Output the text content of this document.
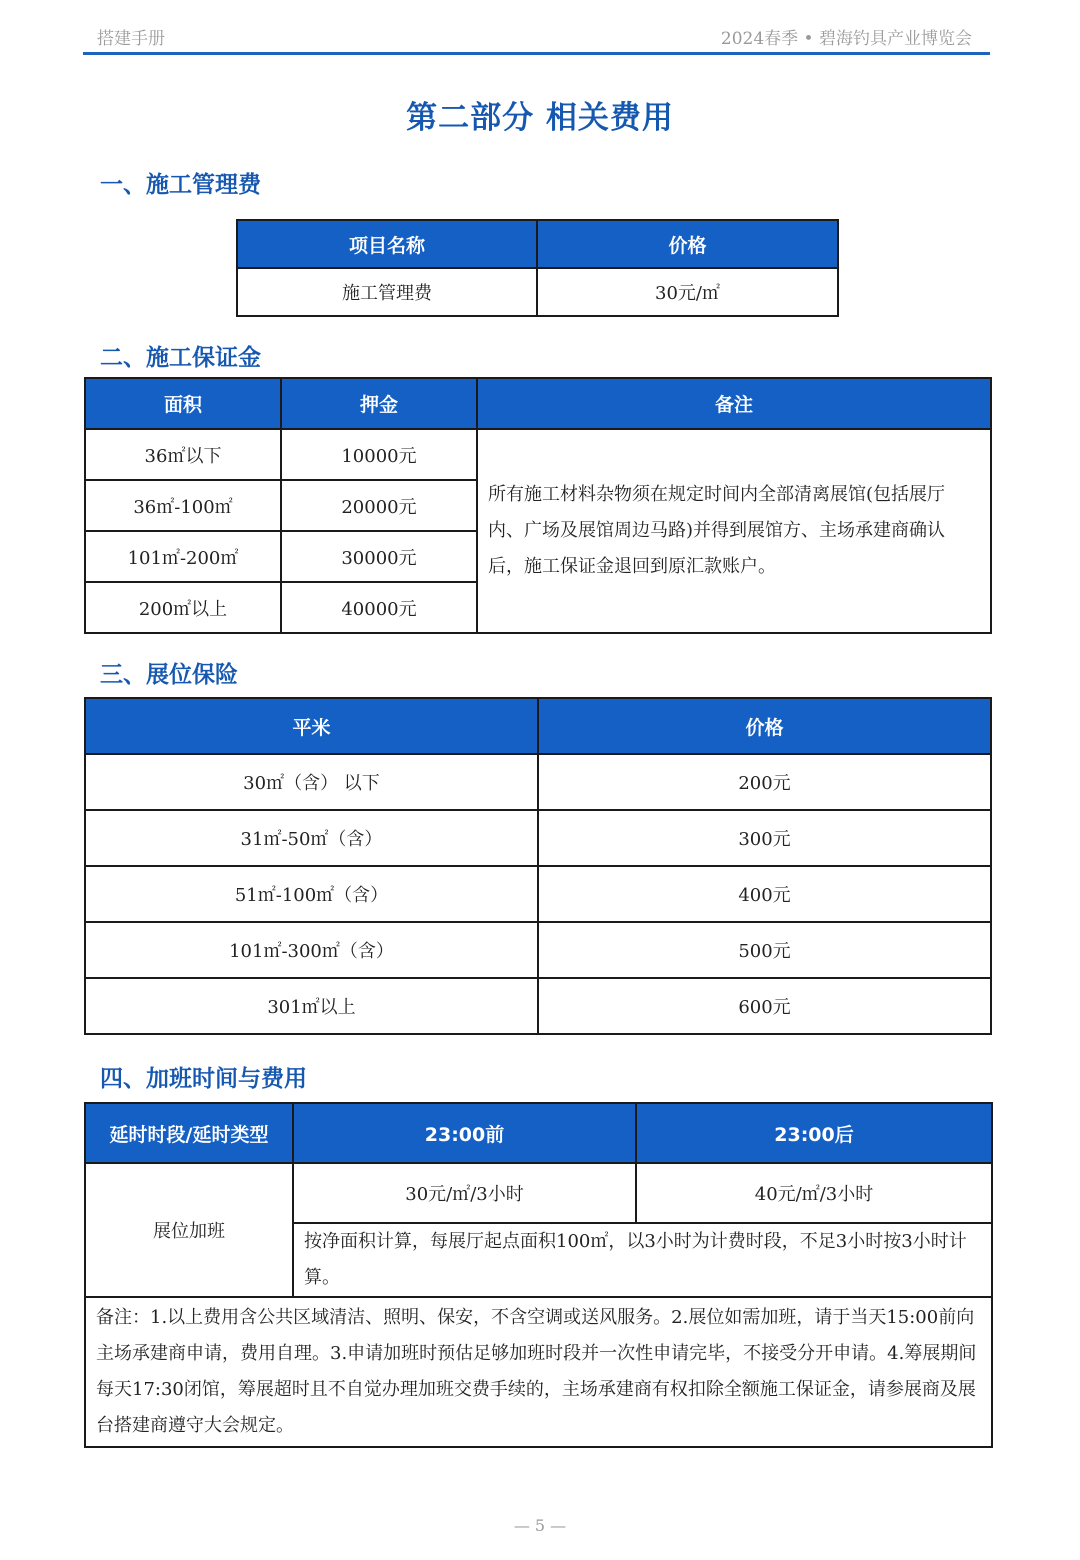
搭建手册	2024春季 • 碧海钓具产业博览会
第二部分 相关费用
一、施工管理费
项目名称	价格
施工管理费	30元/㎡
二、施工保证金
面积	押金	备注
36㎡以下	10000元	所有施工材料杂物须在规定时间内全部清离展馆(包括展厅内、广场及展馆周边马路)并得到展馆方、主场承建商确认后，施工保证金退回到原汇款账户。
36㎡-100㎡	20000元	
101㎡-200㎡	30000元	
200㎡以上	40000元	
三、展位保险
平米	价格
30㎡（含） 以下	200元
31㎡-50㎡（含）	300元
51㎡-100㎡（含）	400元
101㎡-300㎡（含）	500元
301㎡以上	600元
四、加班时间与费用
延时时段/延时类型	23:00前	23:00后
展位加班	30元/㎡/3小时	40元/㎡/3小时
	按净面积计算，每展厅起点面积100㎡，以3小时为计费时段，不足3小时按3小时计算。	
备注：1.以上费用含公共区域清洁、照明、保安，不含空调或送风服务。2.展位如需加班，请于当天15:00前向主场承建商申请，费用自理。3.申请加班时预估足够加班时段并一次性申请完毕，不接受分开申请。4.筹展期间每天17:30闭馆，筹展超时且不自觉办理加班交费手续的，主场承建商有权扣除全额施工保证金，请参展商及展台搭建商遵守大会规定。		
— 5 —
